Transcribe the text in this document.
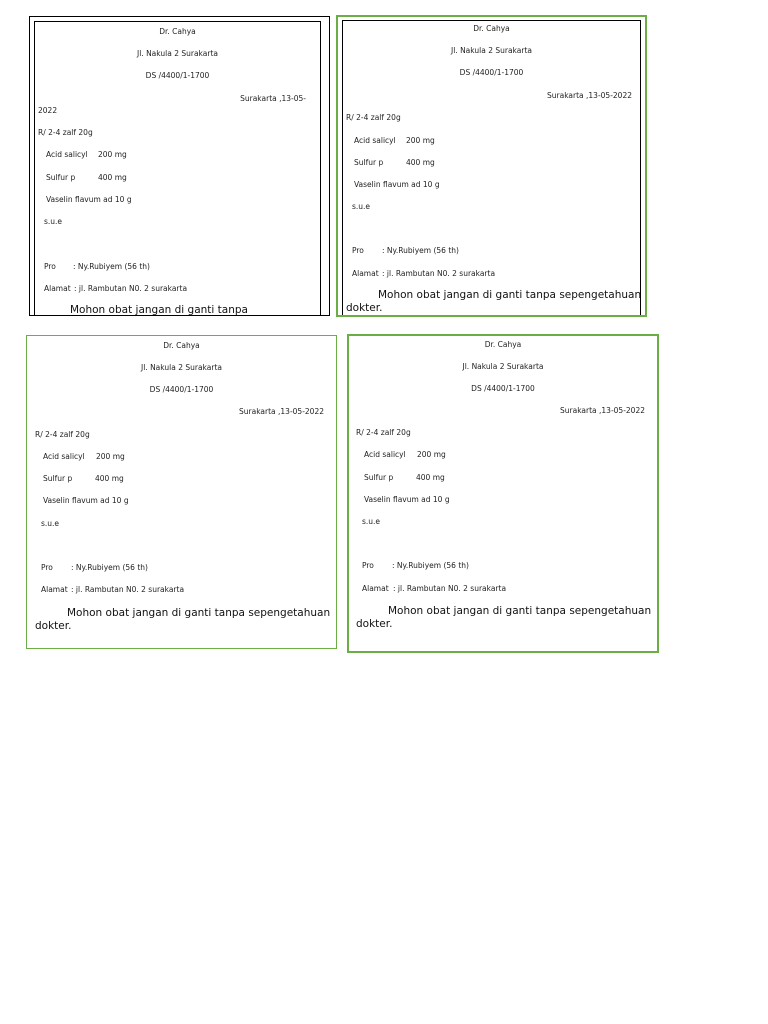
Dr. Cahya
Jl. Nakula 2 Surakarta
DS /4400/1-1700
Surakarta ,13-05-
2022
R/ 2-4 zalf 20g
Acid salicyl 200 mg
Sulfur p	400 mg
Vaselin flavum ad 10 g
s.u.e
Pro : Ny.Rubiyem (56 th)
Alamat : jl. Rambutan N0. 2 surakarta
Mohon obat jangan di ganti tanpa
Dr. Cahya
Jl. Nakula 2 Surakarta
DS /4400/1-1700
Surakarta ,13-05-2022
R/ 2-4 zalf 20g
Acid salicyl 200 mg
Sulfur p	400 mg
Vaselin flavum ad 10 g
s.u.e
Pro : Ny.Rubiyem (56 th)
Alamat : jl. Rambutan N0. 2 surakarta
Mohon obat jangan di ganti tanpa sepengetahuan
dokter.
Dr. Cahya
Jl. Nakula 2 Surakarta
DS /4400/1-1700
Surakarta ,13-05-2022
R/ 2-4 zalf 20g
Acid salicyl 200 mg
Sulfur p	400 mg
Vaselin flavum ad 10 g
s.u.e
Pro : Ny.Rubiyem (56 th)
Alamat : jl. Rambutan N0. 2 surakarta
Mohon obat jangan di ganti tanpa sepengetahuan
dokter.
Dr. Cahya
Jl. Nakula 2 Surakarta
DS /4400/1-1700
Surakarta ,13-05-2022
R/ 2-4 zalf 20g
Acid salicyl 200 mg
Sulfur p	400 mg
Vaselin flavum ad 10 g
s.u.e
Pro : Ny.Rubiyem (56 th)
Alamat : jl. Rambutan N0. 2 surakarta
Mohon obat jangan di ganti tanpa sepengetahuan
dokter.
